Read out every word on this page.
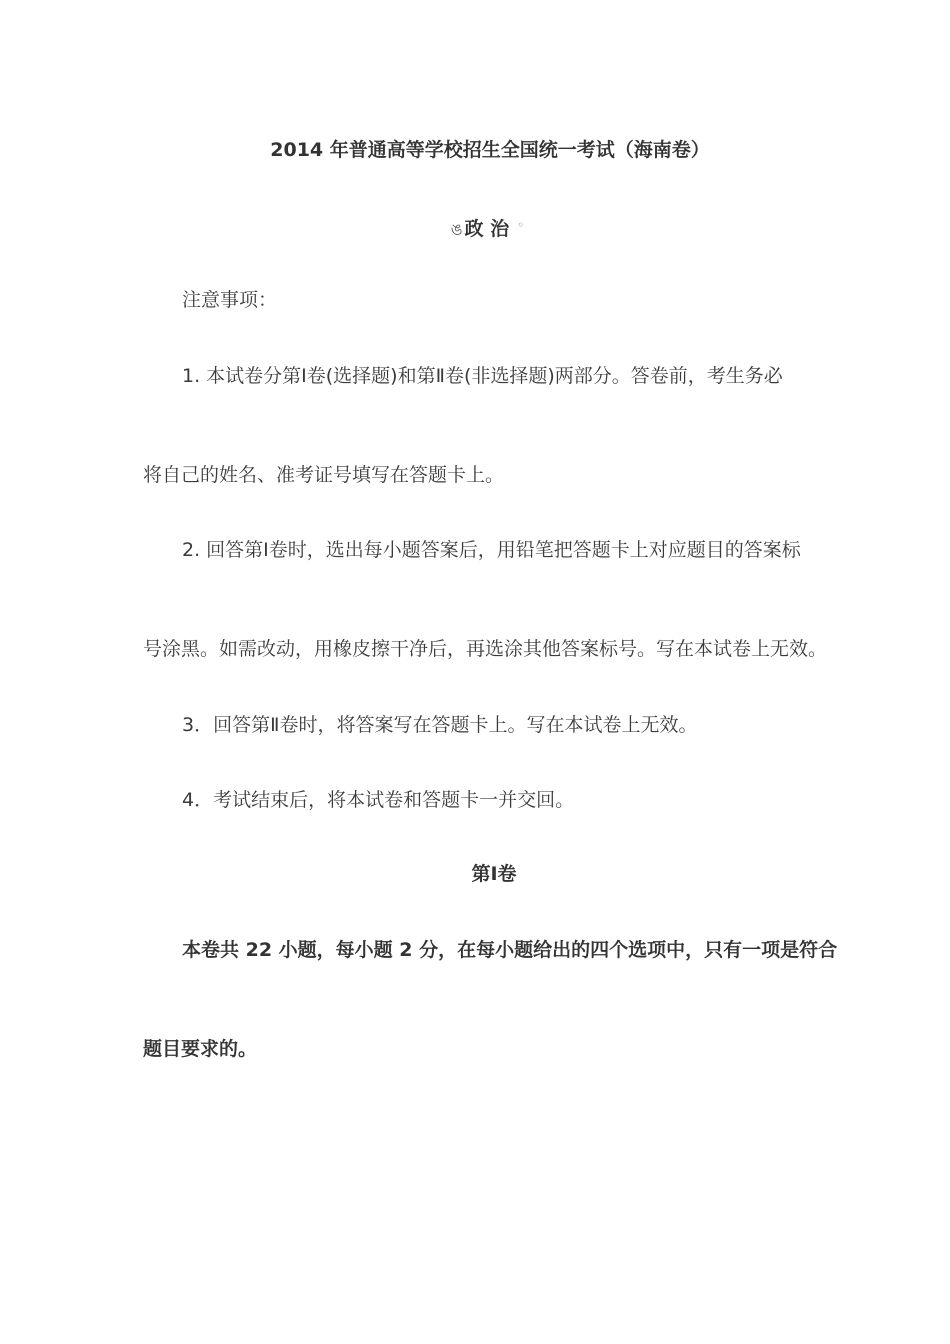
2014 年普通高等学校招生全国统一考试（海南卷）
ঙ 政 治 ◦
注意事项：
1. 本试卷分第Ⅰ卷(选择题)和第Ⅱ卷(非选择题)两部分。答卷前，考生务必
将自己的姓名、准考证号填写在答题卡上。
2. 回答第Ⅰ卷时，选出每小题答案后，用铅笔把答题卡上对应题目的答案标
号涂黑。如需改动，用橡皮擦干净后，再选涂其他答案标号。写在本试卷上无效。
3．回答第Ⅱ卷时，将答案写在答题卡上。写在本试卷上无效。
4．考试结束后，将本试卷和答题卡一并交回。
第Ⅰ卷
本卷共 22 小题，每小题 2 分，在每小题给出的四个选项中，只有一项是符合
题目要求的。
